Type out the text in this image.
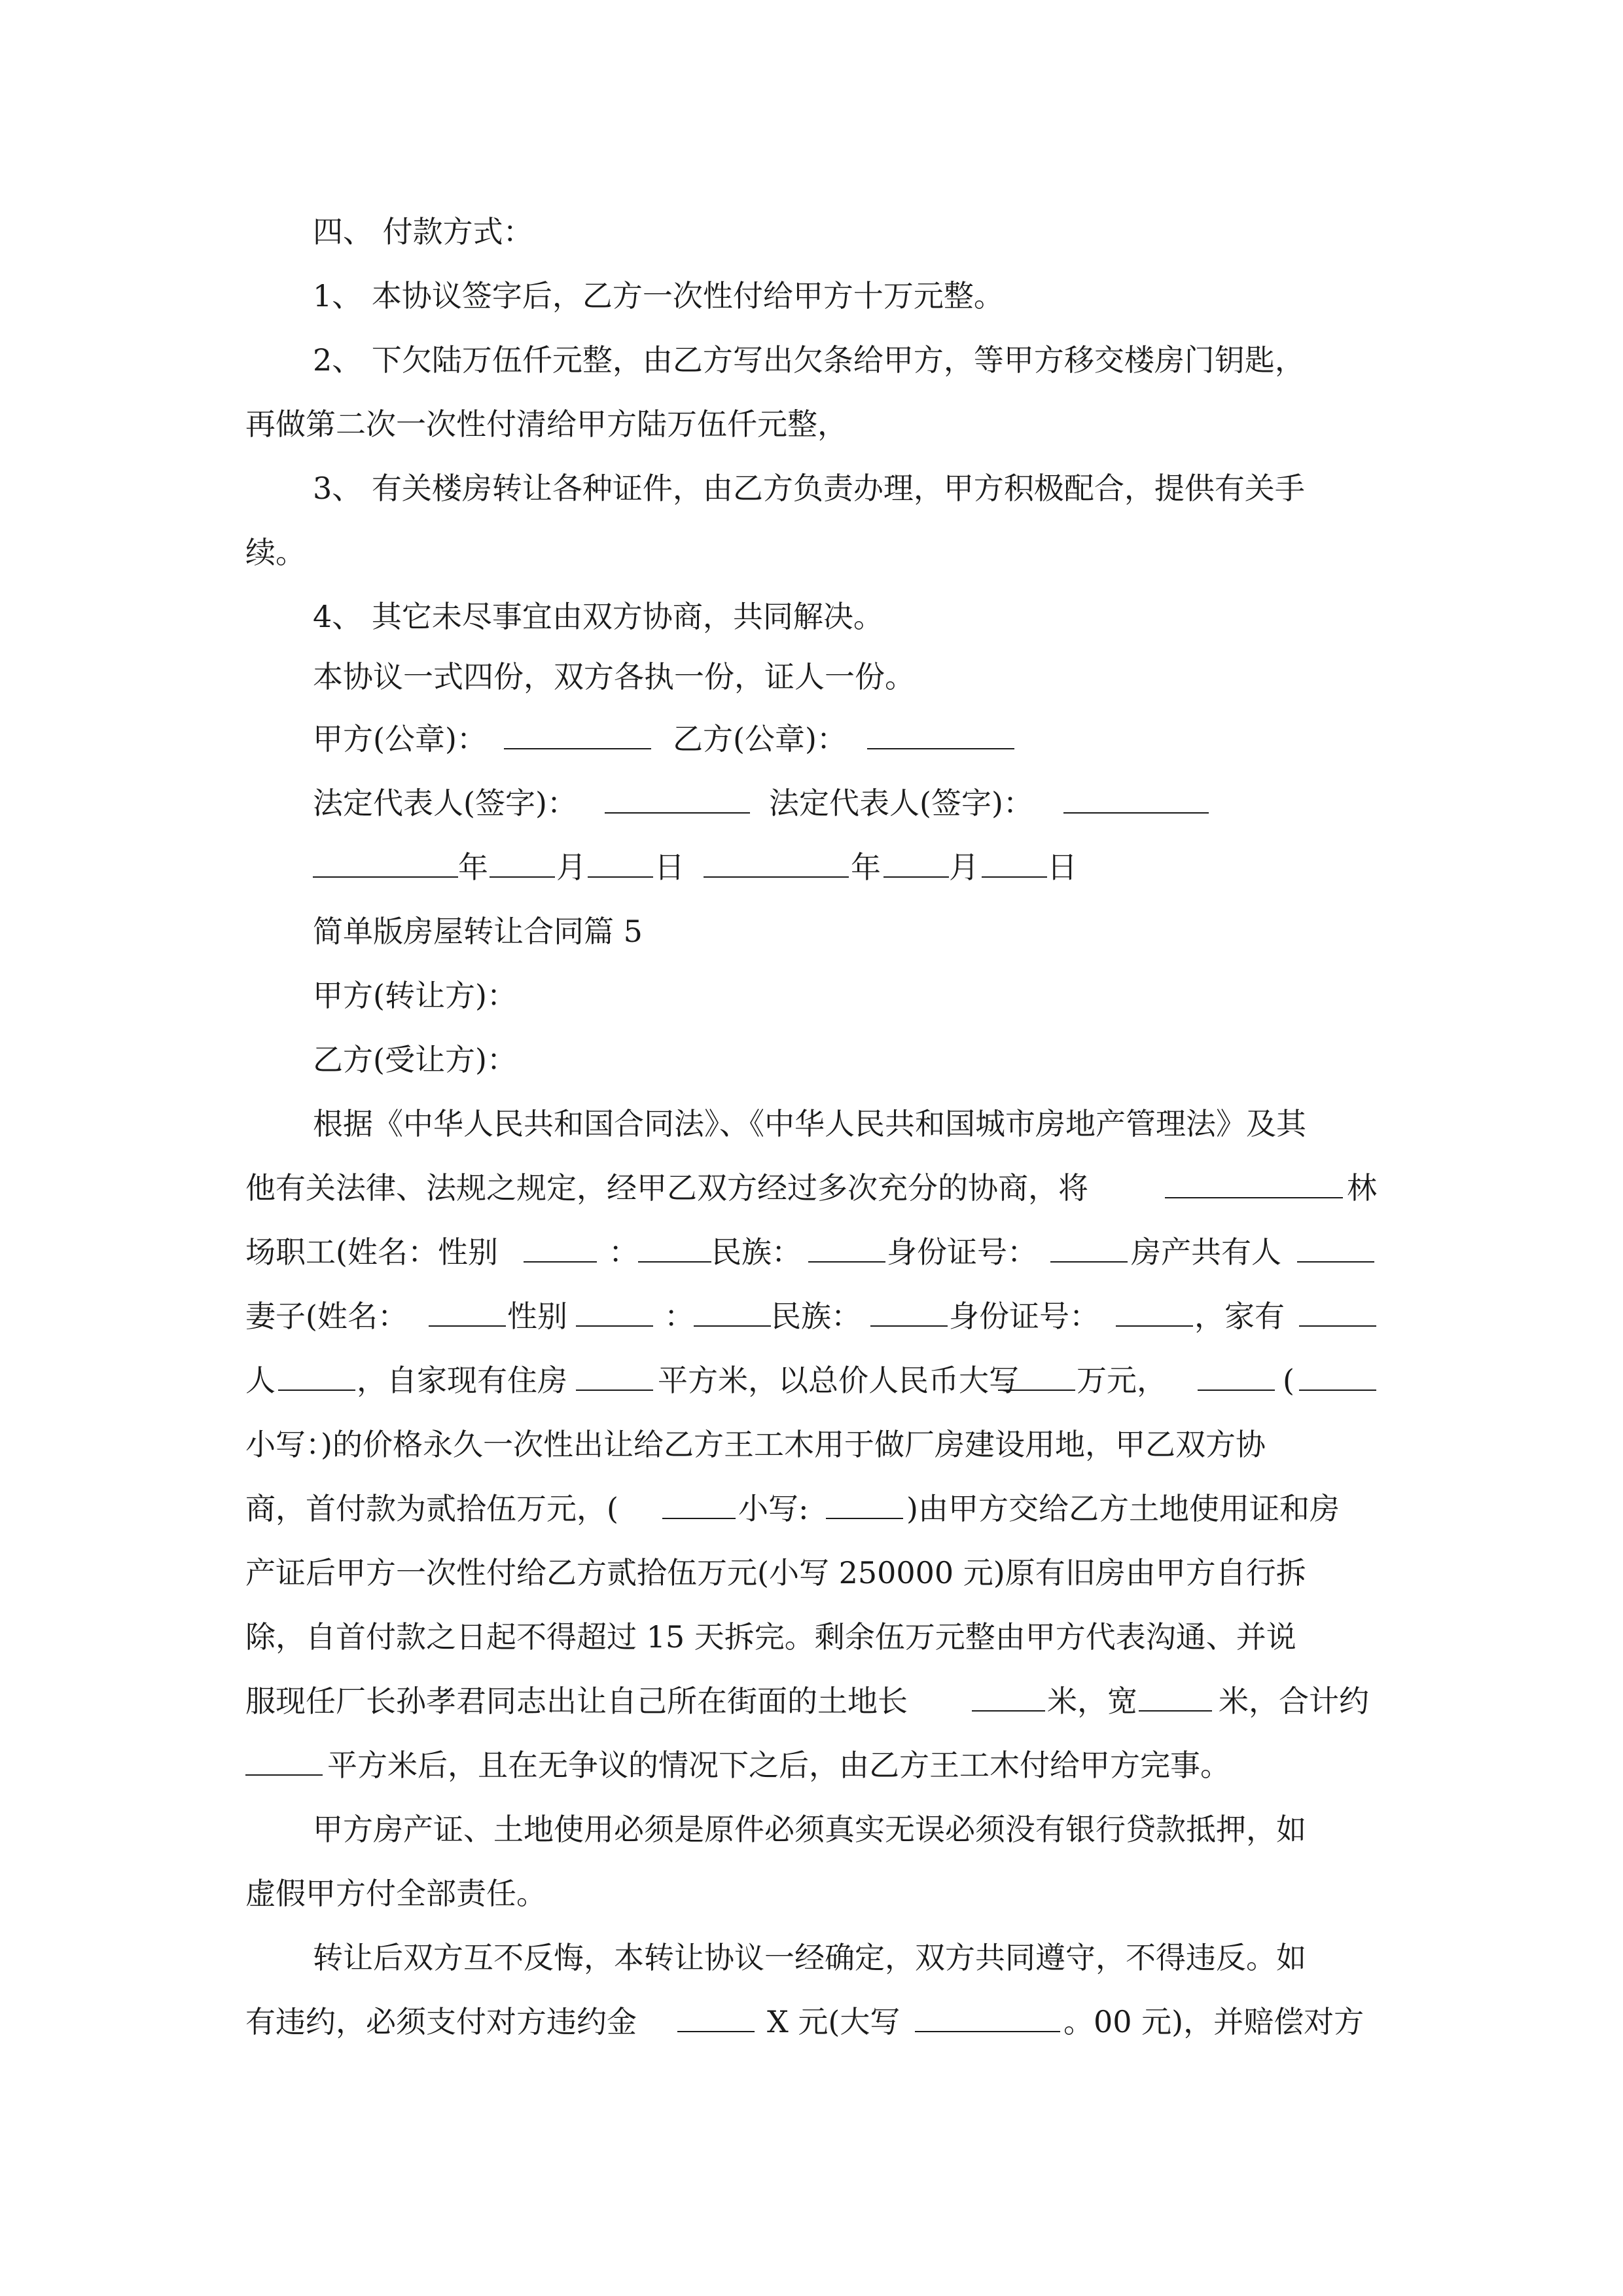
四、 付款方式：
1、 本协议签字后，乙方一次性付给甲方十万元整。
2、 下欠陆万伍仟元整，由乙方写出欠条给甲方，等甲方移交楼房门钥匙，
再做第二次一次性付清给甲方陆万伍仟元整，
3、 有关楼房转让各种证件，由乙方负责办理，甲方积极配合，提供有关手
续。
4、 其它未尽事宜由双方协商，共同解决。
本协议一式四份，双方各执一份，证人一份。
甲方(公章)：	乙方(公章)：
法定代表人(签字)：	法定代表人(签字)：
年 月 日	年 月 日
简单版房屋转让合同篇 5
甲方(转让方)：
乙方(受让方)：
根据《中华人民共和国合同法》、《中华人民共和国城市房地产管理法》及其
他有关法律、法规之规定，经甲乙双方经过多次充分的协商，将	林
场职工(姓名：性别	： 民族：	身份证号：	房产共有人
妻子(姓名：	性别	：	民族：	身份证号：	，家有
人	，自家现有住房	平方米，以总价人民币大写 万元，	(
小写：)的价格永久一次性出让给乙方王工木用于做厂房建设用地，甲乙双方协
商，首付款为贰拾伍万元，(	小写:	)由甲方交给乙方土地使用证和房
产证后甲方一次性付给乙方贰拾伍万元(小写 250000 元)原有旧房由甲方自行拆
除，自首付款之日起不得超过 15 天拆完。剩余伍万元整由甲方代表沟通、并说
服现任厂长孙孝君同志出让自己所在街面的土地长	米，宽	米，合计约
平方米后，且在无争议的情况下之后，由乙方王工木付给甲方完事。
甲方房产证、土地使用必须是原件必须真实无误必须没有银行贷款抵押，如
虚假甲方付全部责任。
转让后双方互不反悔，本转让协议一经确定，双方共同遵守，不得违反。如
有违约，必须支付对方违约金	X 元(大写	。00 元)，并赔偿对方
